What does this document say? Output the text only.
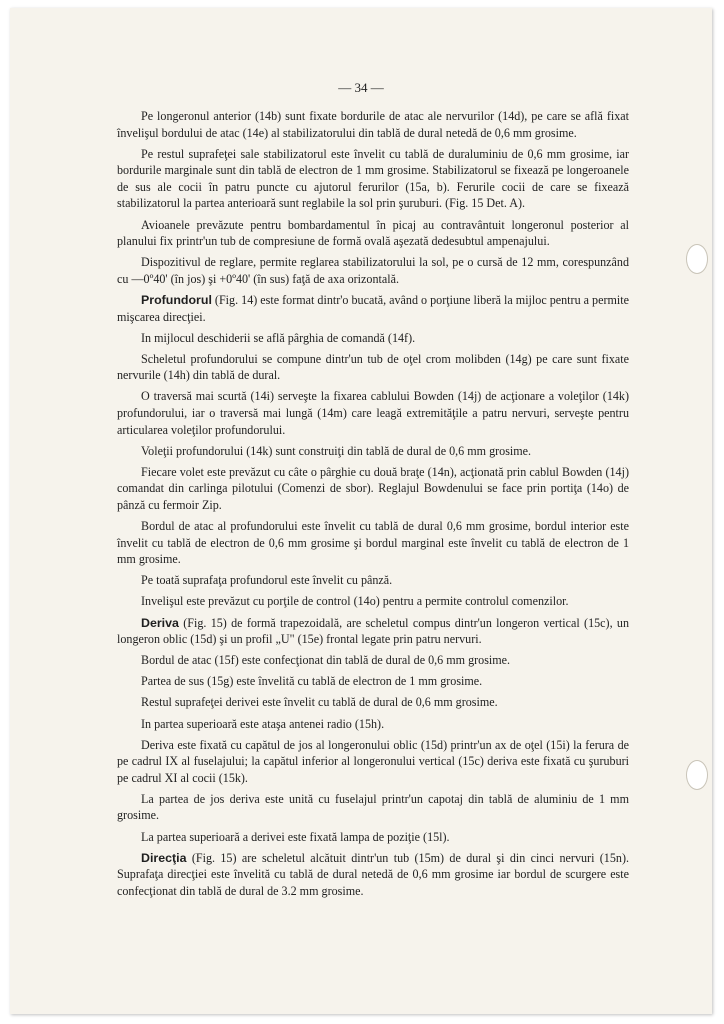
— 34 —

Pe longeronul anterior (14b) sunt fixate bordurile de atac ale nervurilor (14d), pe care se află fixat învelişul bordului de atac (14e) al stabilizatorului din tablă de dural netedă de 0,6 mm grosime.

Pe restul suprafeţei sale stabilizatorul este învelit cu tablă de duraluminiu de 0,6 mm grosime, iar bordurile marginale sunt din tablă de electron de 1 mm grosime. Stabilizatorul se fixează pe longeroanele de sus ale cocii în patru puncte cu ajutorul ferurilor (15a, b). Ferurile cocii de care se fixează stabilizatorul la partea anterioară sunt reglabile la sol prin şuruburi. (Fig. 15 Det. A).

Avioanele prevăzute pentru bombardamentul în picaj au contravântuit longeronul posterior al planului fix printr'un tub de compresiune de formă ovală aşezată dedesubtul ampenajului.

Dispozitivul de reglare, permite reglarea stabilizatorului la sol, pe o cursă de 12 mm, corespunzând cu —0º40' (în jos) şi +0º40' (în sus) faţă de axa orizontală.

Profundorul (Fig. 14) este format dintr'o bucată, având o porţiune liberă la mijloc pentru a permite mişcarea direcţiei.

In mijlocul deschiderii se află pârghia de comandă (14f).

Scheletul profundorului se compune dintr'un tub de oţel crom molibden (14g) pe care sunt fixate nervurile (14h) din tablă de dural.

O traversă mai scurtă (14i) serveşte la fixarea cablului Bowden (14j) de acţionare a voleţilor (14k) profundorului, iar o traversă mai lungă (14m) care leagă extremităţile a patru nervuri, serveşte pentru articularea voleţilor profundorului.

Voleţii profundorului (14k) sunt construiţi din tablă de dural de 0,6 mm grosime.

Fiecare volet este prevăzut cu câte o pârghie cu două braţe (14n), acţionată prin cablul Bowden (14j) comandat din carlinga pilotului (Comenzi de sbor). Reglajul Bowdenului se face prin portiţa (14o) de pânză cu fermoir Zip.

Bordul de atac al profundorului este învelit cu tablă de dural 0,6 mm grosime, bordul interior este învelit cu tablă de electron de 0,6 mm grosime şi bordul marginal este învelit cu tablă de electron de 1 mm grosime.

Pe toată suprafaţa profundorul este învelit cu pânză.

Invelişul este prevăzut cu porţile de control (14o) pentru a permite controlul comenzilor.

Deriva (Fig. 15) de formă trapezoidală, are scheletul compus dintr'un longeron vertical (15c), un longeron oblic (15d) şi un profil „U" (15e) frontal legate prin patru nervuri.

Bordul de atac (15f) este confecţionat din tablă de dural de 0,6 mm grosime.

Partea de sus (15g) este învelită cu tablă de electron de 1 mm grosime.

Restul suprafeţei derivei este învelit cu tablă de dural de 0,6 mm grosime.

In partea superioară este ataşa antenei radio (15h).

Deriva este fixată cu capătul de jos al longeronului oblic (15d) printr'un ax de oţel (15i) la ferura de pe cadrul IX al fuselajului; la capătul inferior al longeronului vertical (15c) deriva este fixată cu şuruburi pe cadrul XI al cocii (15k).

La partea de jos deriva este unită cu fuselajul printr'un capotaj din tablă de aluminiu de 1 mm grosime.

La partea superioară a derivei este fixată lampa de poziţie (15l).

Direcţia (Fig. 15) are scheletul alcătuit dintr'un tub (15m) de dural şi din cinci nervuri (15n). Suprafaţa direcţiei este învelită cu tablă de dural netedă de 0,6 mm grosime iar bordul de scurgere este confecţionat din tablă de dural de 3.2 mm grosime.
